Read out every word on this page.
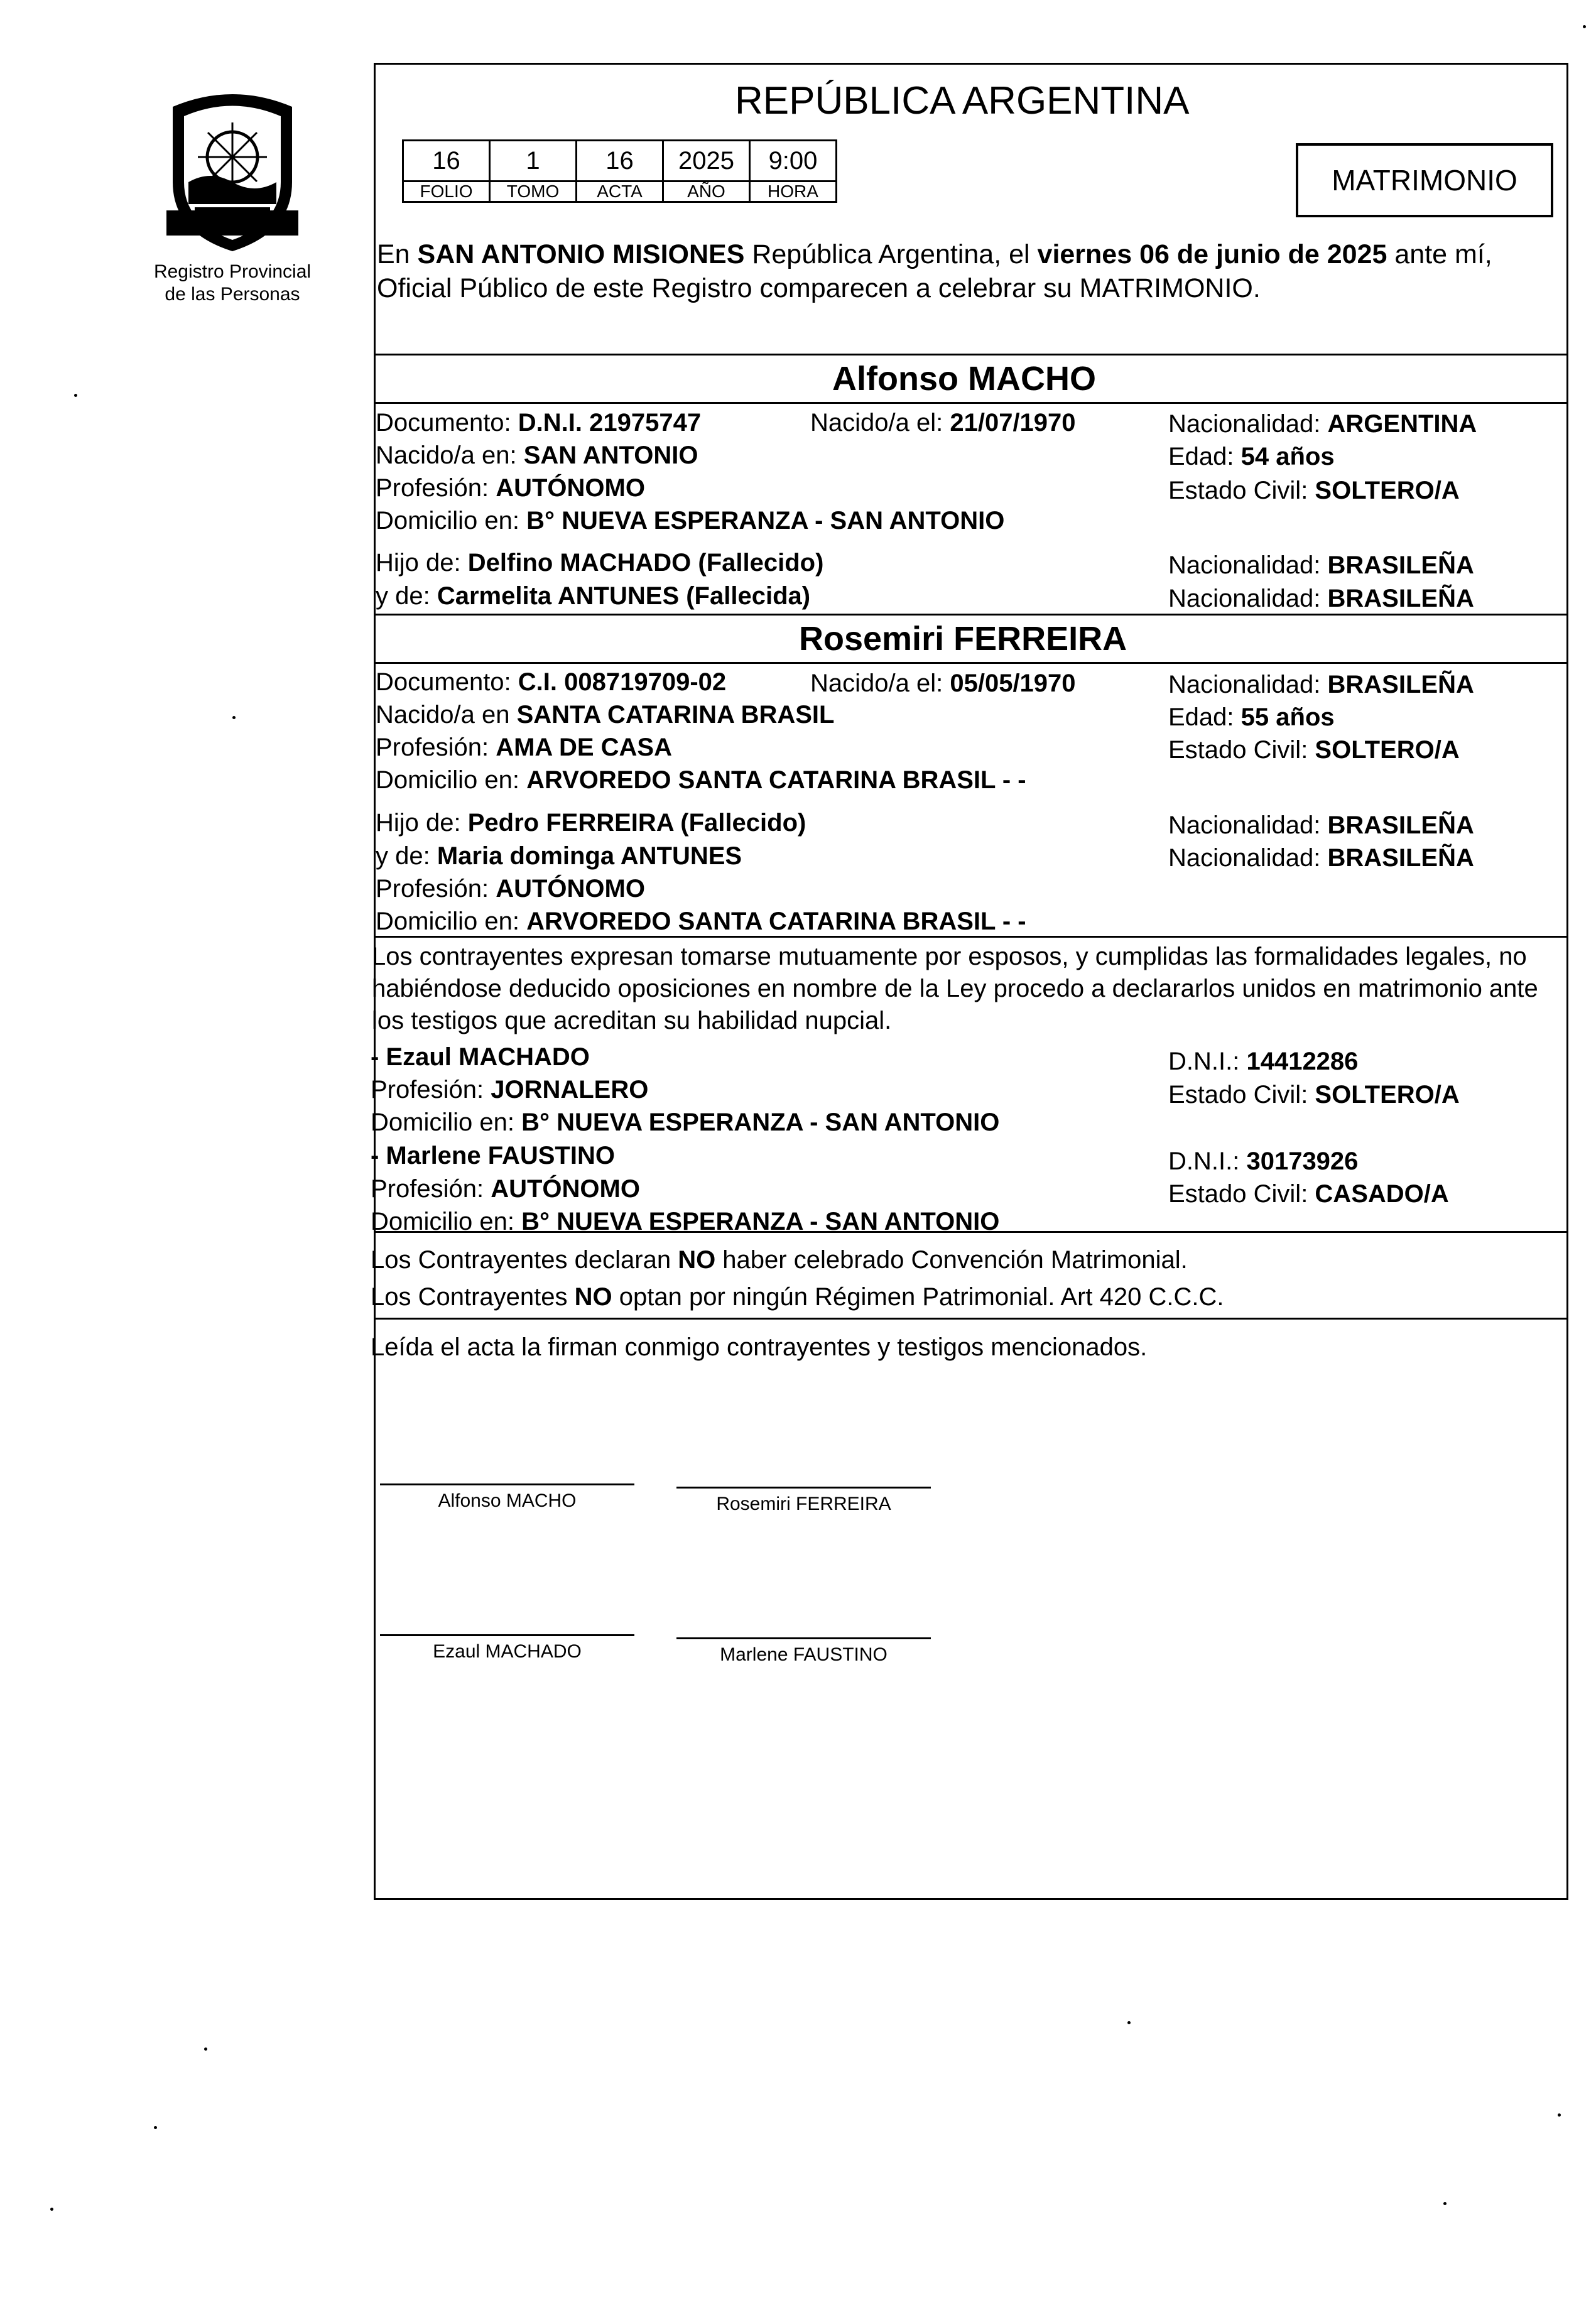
Registro Provincial
de las Personas
REPÚBLICA ARGENTINA
16	1	16	2025	9:00
FOLIO	TOMO	ACTA	AÑO	HORA	MATRIMONIO
En SAN ANTONIO MISIONES República Argentina, el viernes 06 de junio de 2025 ante mí,
Oficial Público de este Registro comparecen a celebrar su MATRIMONIO.
Alfonso MACHO
Documento: D.N.I. 21975747	Nacido/a el: 21/07/1970	Nacionalidad: ARGENTINA
Nacido/a en: SAN ANTONIO	Edad: 54 años
Profesión: AUTÓNOMO	Estado Civil: SOLTERO/A
Domicilio en: B° NUEVA ESPERANZA - SAN ANTONIO
Hijo de: Delfino MACHADO (Fallecido)	Nacionalidad: BRASILEÑA
y de: Carmelita ANTUNES (Fallecida)	Nacionalidad: BRASILEÑA
Rosemiri FERREIRA
Documento: C.I. 008719709-02	Nacido/a el: 05/05/1970	Nacionalidad: BRASILEÑA
Nacido/a en SANTA CATARINA BRASIL	Edad: 55 años
Profesión: AMA DE CASA	Estado Civil: SOLTERO/A
Domicilio en: ARVOREDO SANTA CATARINA BRASIL - -
Hijo de: Pedro FERREIRA (Fallecido)	Nacionalidad: BRASILEÑA
y de: Maria dominga ANTUNES	Nacionalidad: BRASILEÑA
Profesión: AUTÓNOMO
Domicilio en: ARVOREDO SANTA CATARINA BRASIL - -
Los contrayentes expresan tomarse mutuamente por esposos, y cumplidas las formalidades legales, no
habiéndose deducido oposiciones en nombre de la Ley procedo a declararlos unidos en matrimonio ante
los testigos que acreditan su habilidad nupcial.
- Ezaul MACHADO	D.N.I.: 14412286
Profesión: JORNALERO	Estado Civil: SOLTERO/A
Domicilio en: B° NUEVA ESPERANZA - SAN ANTONIO
- Marlene FAUSTINO	D.N.I.: 30173926
Profesión: AUTÓNOMO	Estado Civil: CASADO/A
Domicilio en: B° NUEVA ESPERANZA - SAN ANTONIO
Los Contrayentes declaran NO haber celebrado Convención Matrimonial.
Los Contrayentes NO optan por ningún Régimen Patrimonial. Art 420 C.C.C.
Leída el acta la firman conmigo contrayentes y testigos mencionados.
Alfonso MACHO	Rosemiri FERREIRA
Ezaul MACHADO	Marlene FAUSTINO
